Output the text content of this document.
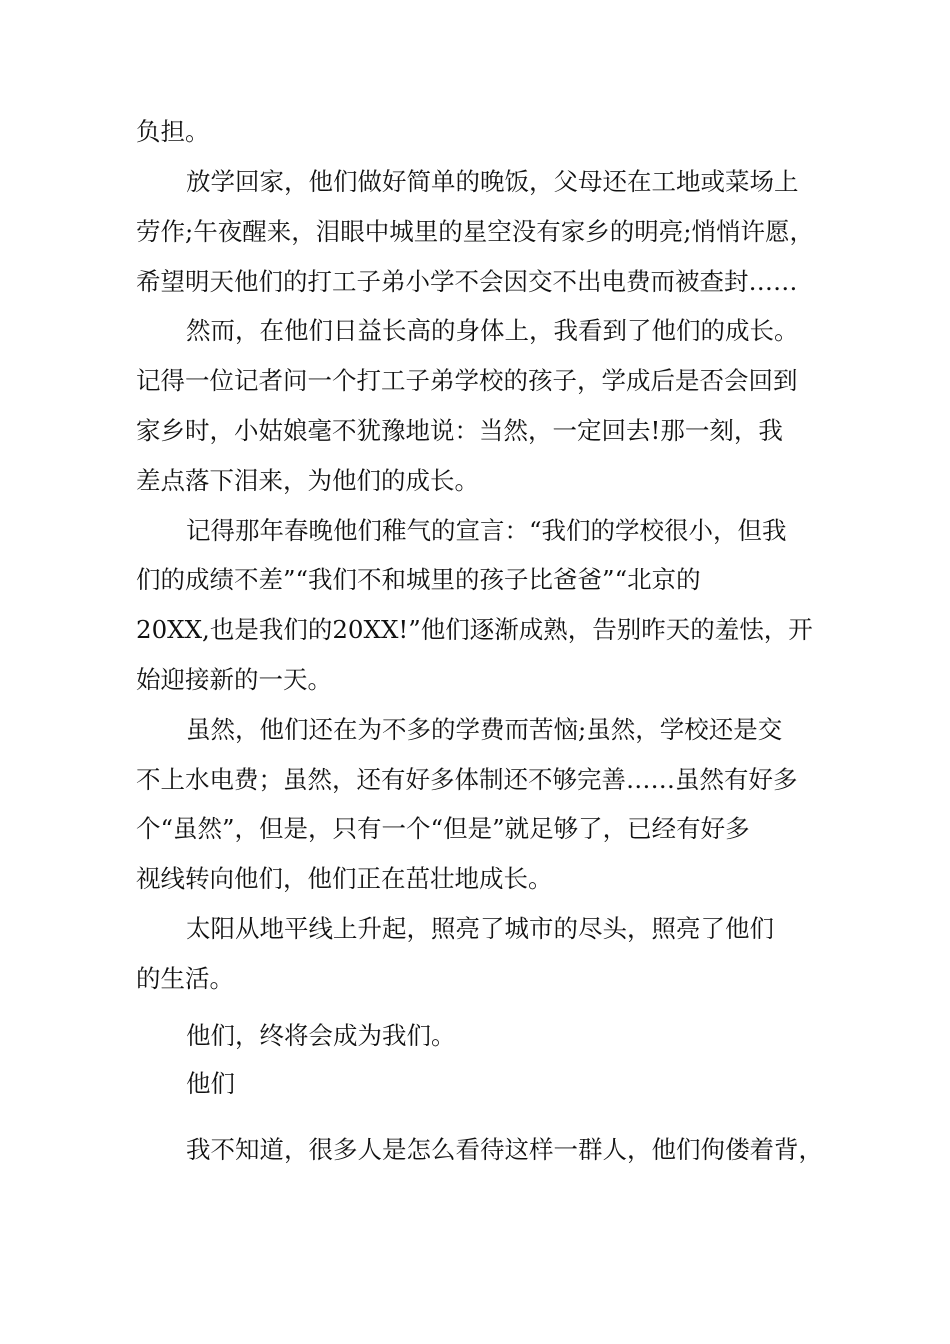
负担。
放学回家，他们做好简单的晚饭，父母还在工地或菜场上
劳作;午夜醒来，泪眼中城里的星空没有家乡的明亮;悄悄许愿，
希望明天他们的打工子弟小学不会因交不出电费而被查封……
然而，在他们日益长高的身体上，我看到了他们的成长。
记得一位记者问一个打工子弟学校的孩子，学成后是否会回到
家乡时，小姑娘毫不犹豫地说：当然，一定回去!那一刻，我
差点落下泪来，为他们的成长。
记得那年春晚他们稚气的宣言：“我们的学校很小，但我
们的成绩不差”“我们不和城里的孩子比爸爸”“北京的
20XX,也是我们的20XX!”他们逐渐成熟，告别昨天的羞怯，开
始迎接新的一天。
虽然，他们还在为不多的学费而苦恼;虽然，学校还是交
不上水电费；虽然，还有好多体制还不够完善……虽然有好多
个“虽然”，但是，只有一个“但是”就足够了，已经有好多
视线转向他们，他们正在茁壮地成长。
太阳从地平线上升起，照亮了城市的尽头，照亮了他们
的生活。
他们，终将会成为我们。
他们
我不知道，很多人是怎么看待这样一群人，他们佝偻着背，
